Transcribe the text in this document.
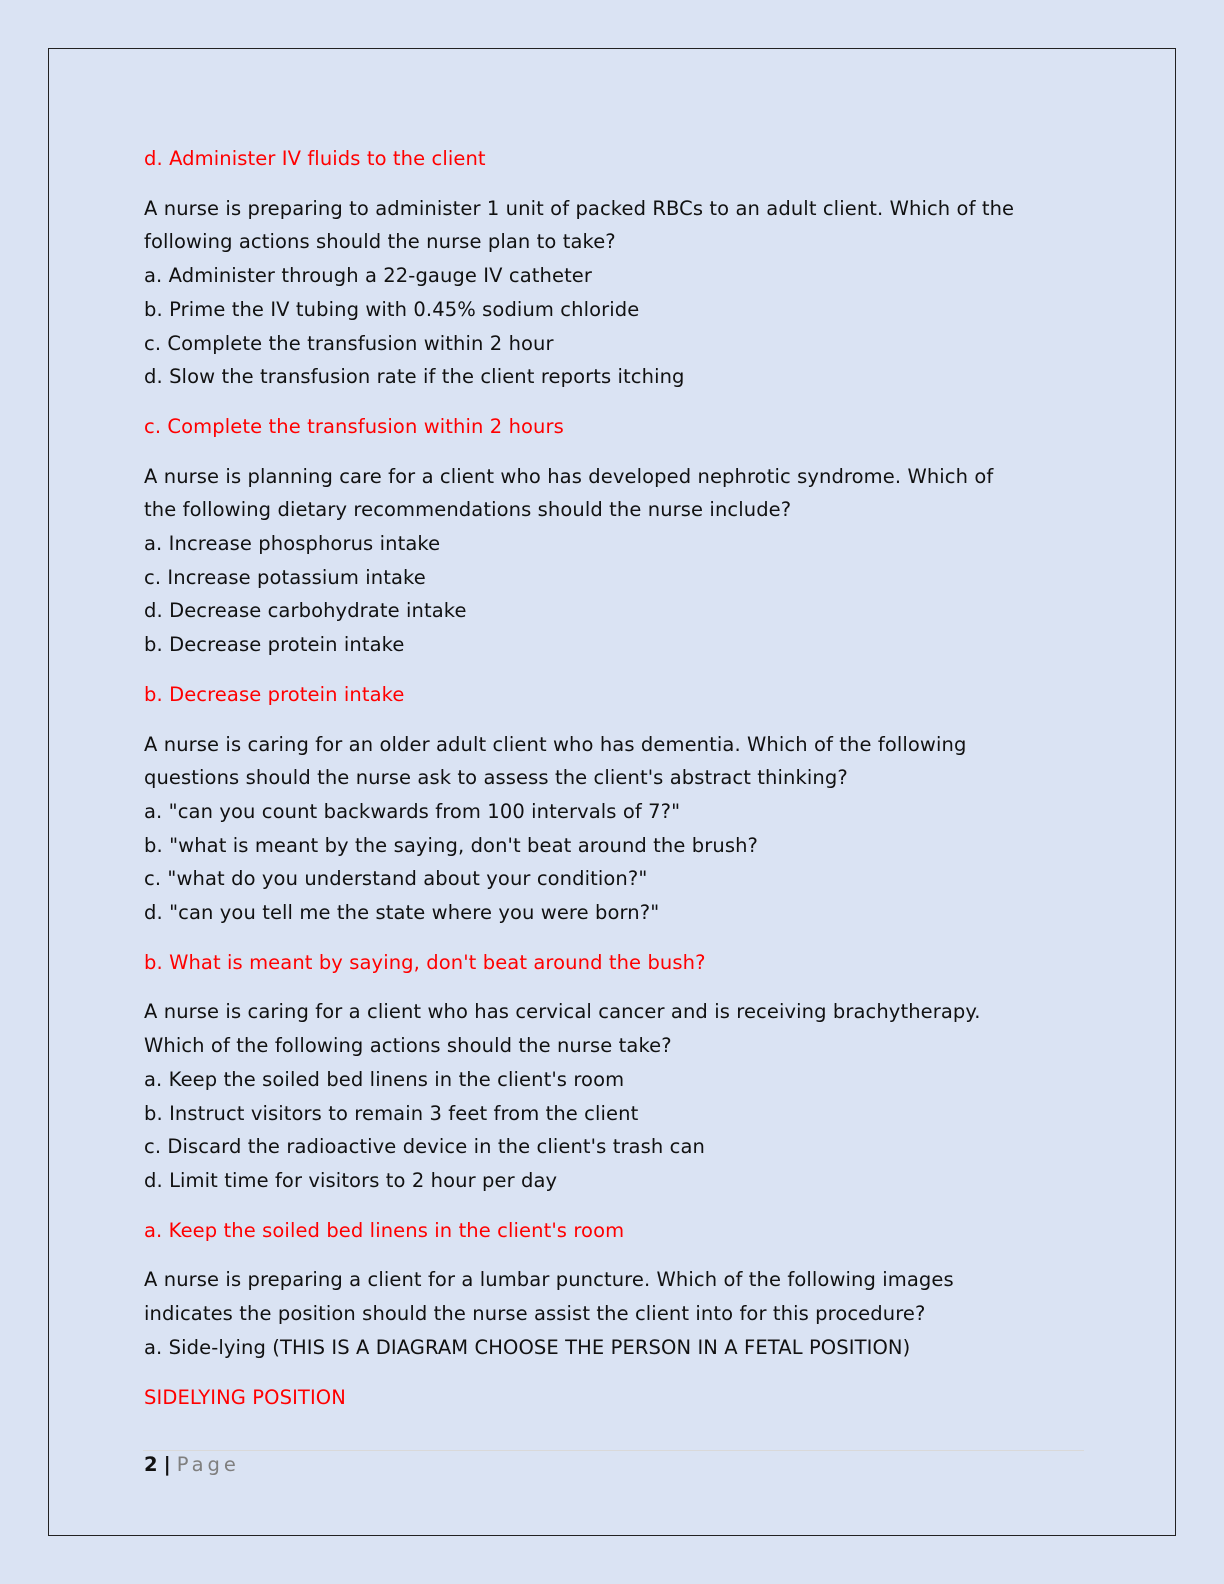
d. Administer IV fluids to the client
A nurse is preparing to administer 1 unit of packed RBCs to an adult client. Which of the
following actions should the nurse plan to take?
a. Administer through a 22-gauge IV catheter
b. Prime the IV tubing with 0.45% sodium chloride
c. Complete the transfusion within 2 hour
d. Slow the transfusion rate if the client reports itching
c. Complete the transfusion within 2 hours
A nurse is planning care for a client who has developed nephrotic syndrome. Which of
the following dietary recommendations should the nurse include?
a. Increase phosphorus intake
c. Increase potassium intake
d. Decrease carbohydrate intake
b. Decrease protein intake
b. Decrease protein intake
A nurse is caring for an older adult client who has dementia. Which of the following
questions should the nurse ask to assess the client's abstract thinking?
a. "can you count backwards from 100 intervals of 7?"
b. "what is meant by the saying, don't beat around the brush?
c. "what do you understand about your condition?"
d. "can you tell me the state where you were born?"
b. What is meant by saying, don't beat around the bush?
A nurse is caring for a client who has cervical cancer and is receiving brachytherapy.
Which of the following actions should the nurse take?
a. Keep the soiled bed linens in the client's room
b. Instruct visitors to remain 3 feet from the client
c. Discard the radioactive device in the client's trash can
d. Limit time for visitors to 2 hour per day
a. Keep the soiled bed linens in the client's room
A nurse is preparing a client for a lumbar puncture. Which of the following images
indicates the position should the nurse assist the client into for this procedure?
a. Side-lying (THIS IS A DIAGRAM CHOOSE THE PERSON IN A FETAL POSITION)
SIDELYING POSITION
2 | Page
